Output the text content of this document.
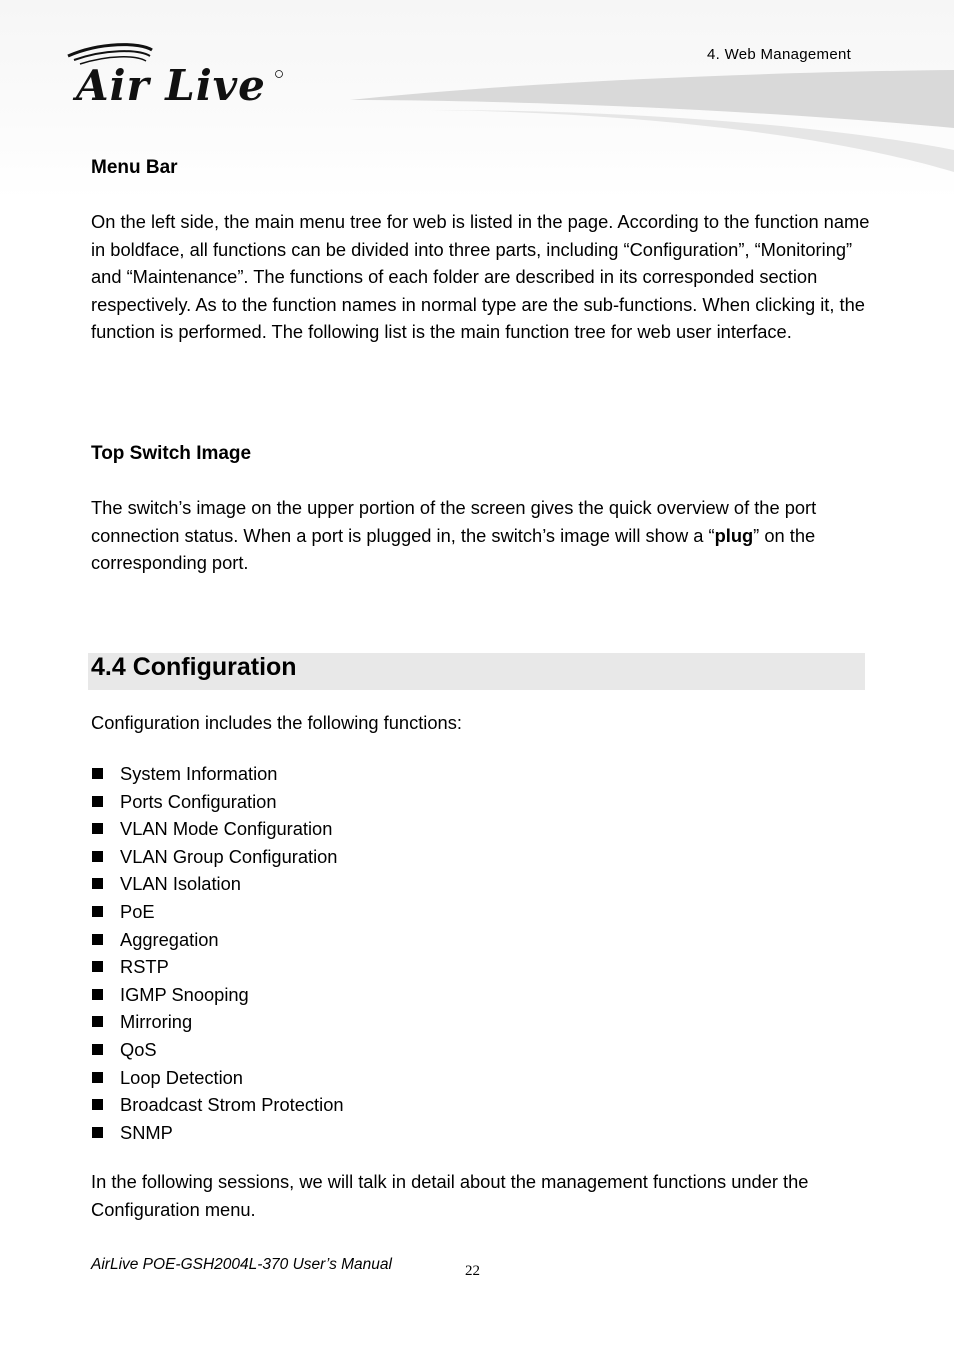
Air Live
4. Web Management
Menu Bar

On the left side, the main menu tree for web is listed in the page. According to the function name in boldface, all functions can be divided into three parts, including “Configuration”, “Monitoring” and “Maintenance”. The functions of each folder are described in its corresponded section respectively. As to the function names in normal type are the sub-functions. When clicking it, the function is performed. The following list is the main function tree for web user interface.

Top Switch Image

The switch’s image on the upper portion of the screen gives the quick overview of the port connection status. When a port is plugged in, the switch’s image will show a “plug” on the corresponding port.

4.4 Configuration

Configuration includes the following functions:

System Information
Ports Configuration
VLAN Mode Configuration
VLAN Group Configuration
VLAN Isolation
PoE
Aggregation
RSTP
IGMP Snooping
Mirroring
QoS
Loop Detection
Broadcast Strom Protection
SNMP

In the following sessions, we will talk in detail about the management functions under the Configuration menu.

AirLive POE-GSH2004L-370 User’s Manual	22
